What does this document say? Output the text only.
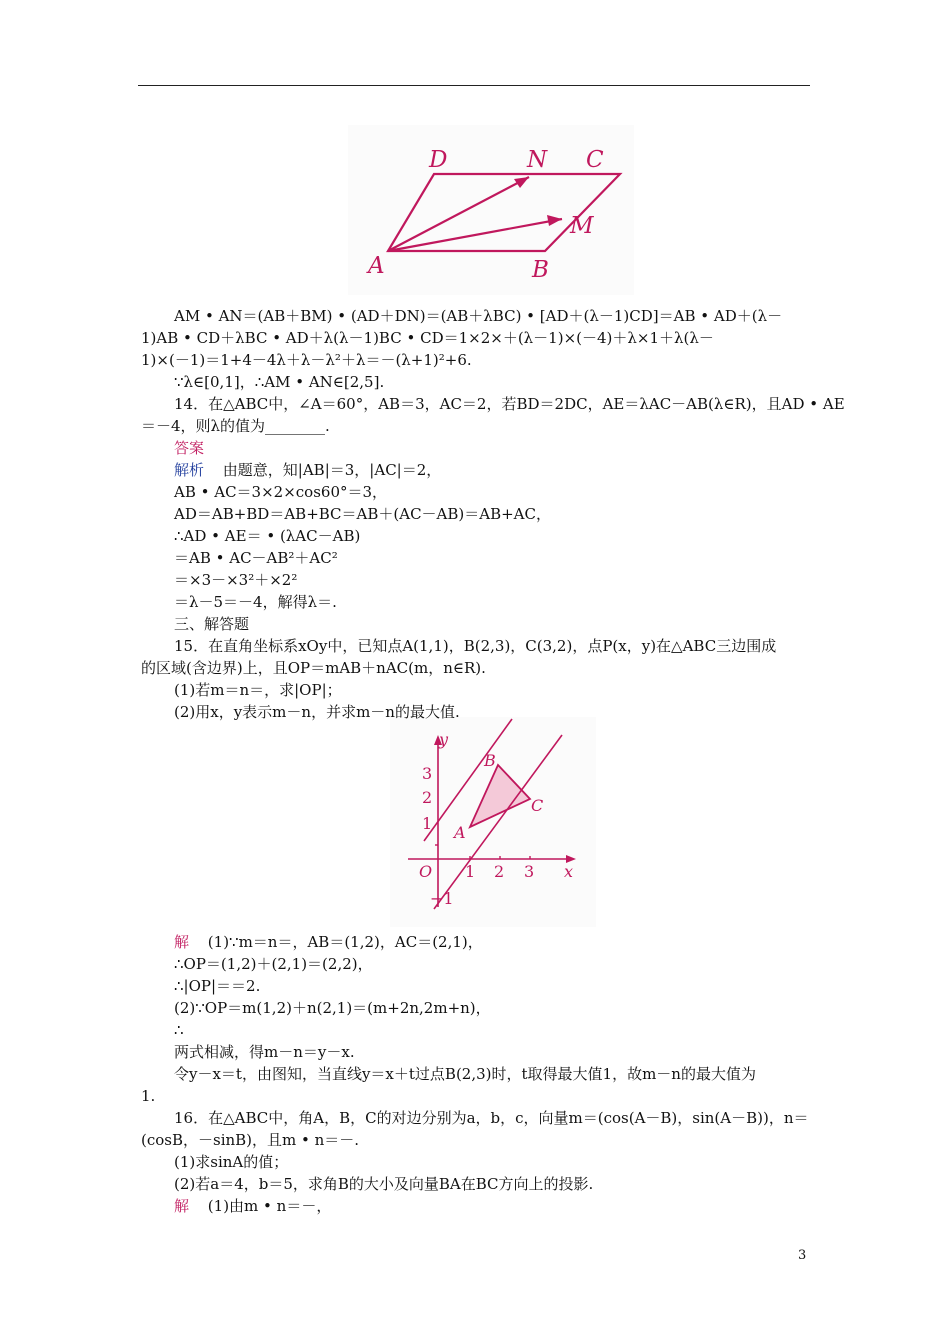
D	N C
M
A	B
y
x
O
3
2
1
1 2 3
−1
A
B
C
AM • AN＝(AB＋BM) • (AD＋DN)＝(AB＋λBC) • [AD＋(λ－1)CD]＝AB • AD＋(λ－
1)AB • CD＋λBC • AD＋λ(λ－1)BC • CD＝1×2×＋(λ－1)×(－4)＋λ×1＋λ(λ－
1)×(－1)＝1+4－4λ＋λ－λ²＋λ＝－(λ+1)²+6.
∵λ∈[0,1]，∴AM • AN∈[2,5].
14．在△ABC中，∠A＝60°，AB＝3，AC＝2，若BD＝2DC，AE＝λAC－AB(λ∈R)，且AD • AE
＝－4，则λ的值为________.
答案
解析 由题意，知|AB|＝3，|AC|＝2，
AB • AC＝3×2×cos60°＝3，
AD＝AB+BD＝AB+BC＝AB＋(AC－AB)＝AB+AC，
∴AD • AE＝ • (λAC－AB)
＝AB • AC－AB²＋AC²
＝×3－×3²＋×2²
＝λ－5＝－4，解得λ＝.
三、解答题
15．在直角坐标系xOy中，已知点A(1,1)，B(2,3)，C(3,2)，点P(x，y)在△ABC三边围成
的区域(含边界)上，且OP＝mAB＋nAC(m，n∈R).
(1)若m＝n＝，求|OP|；
(2)用x，y表示m－n，并求m－n的最大值.
解 (1)∵m＝n＝，AB＝(1,2)，AC＝(2,1)，
∴OP＝(1,2)＋(2,1)＝(2,2)，
∴|OP|＝＝2.
(2)∵OP＝m(1,2)＋n(2,1)＝(m+2n,2m+n)，
∴
两式相减，得m－n＝y－x.
令y－x＝t，由图知，当直线y＝x＋t过点B(2,3)时，t取得最大值1，故m－n的最大值为
1.
16．在△ABC中，角A，B，C的对边分别为a，b，c，向量m＝(cos(A－B)，sin(A－B))，n＝
(cosB，－sinB)，且m • n＝－.
(1)求sinA的值；
(2)若a＝4，b＝5，求角B的大小及向量BA在BC方向上的投影.
解 (1)由m • n＝－，
3
